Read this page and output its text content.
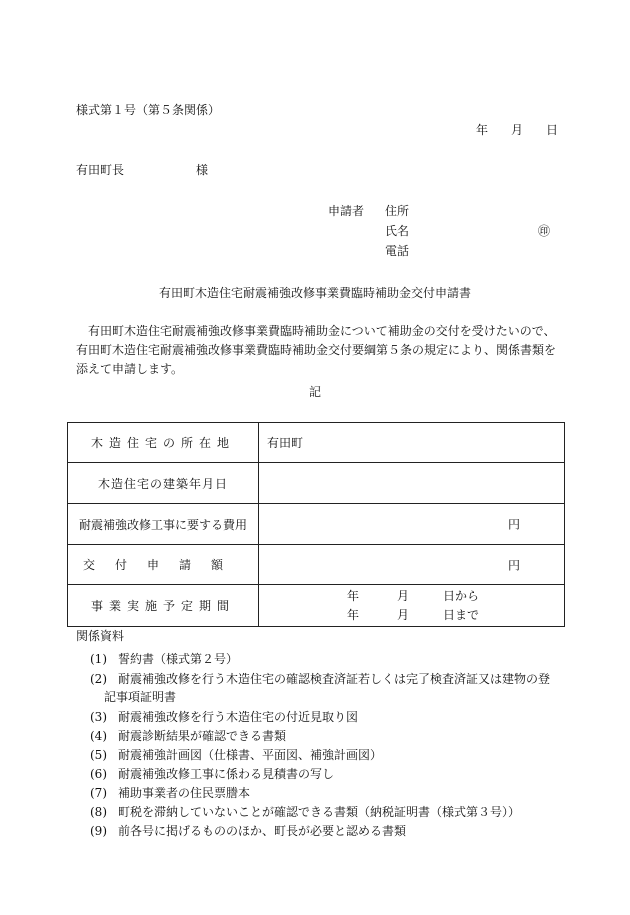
様式第１号（第５条関係）
年 月 日
有田町長	様
申請者 住所
氏名	㊞
電話
有田町木造住宅耐震補強改修事業費臨時補助金交付申請書
有田町木造住宅耐震補強改修事業費臨時補助金について補助金の交付を受けたいので、
有田町木造住宅耐震補強改修事業費臨時補助金交付要綱第５条の規定により、関係書類を
添えて申請します。
記
木造住宅の所在地	有田町
木造住宅の建築年月日	
耐震補強改修工事に要する費用	円

交付申請額	円

事業実施予定期間	年 月 日から
年 月 日まで
関係資料
(1) 誓約書（様式第２号）
(2) 耐震補強改修を行う木造住宅の確認検査済証若しくは完了検査済証又は建物の登
記事項証明書
(3) 耐震補強改修を行う木造住宅の付近見取り図
(4) 耐震診断結果が確認できる書類
(5) 耐震補強計画図（仕様書、平面図、補強計画図）
(6) 耐震補強改修工事に係わる見積書の写し
(7) 補助事業者の住民票謄本
(8) 町税を滞納していないことが確認できる書類（納税証明書（様式第３号））
(9) 前各号に掲げるもののほか、町長が必要と認める書類
